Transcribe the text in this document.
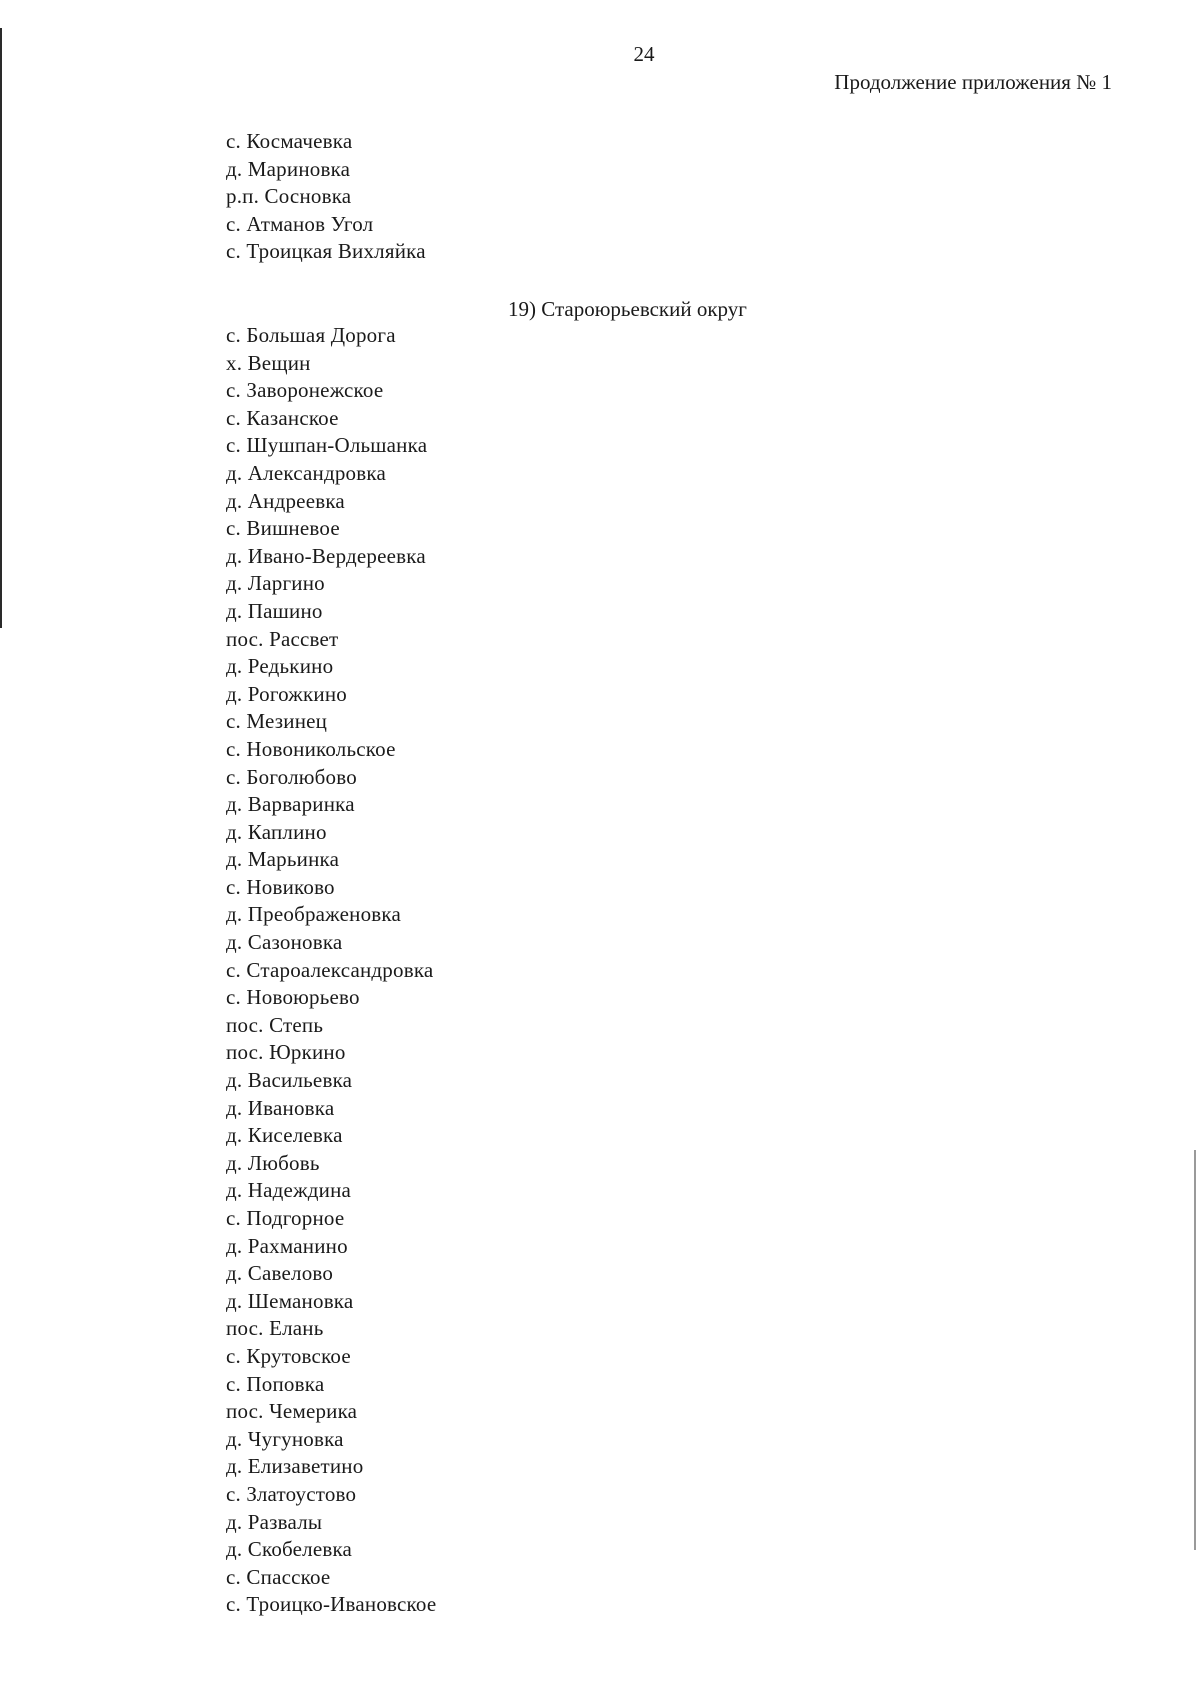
24
Продолжение приложения № 1
с. Космачевка
д. Мариновка
р.п. Сосновка
с. Атманов Угол
с. Троицкая Вихляйка
19) Староюрьевский округ
с. Большая Дорога
х. Вещин
с. Заворонежское
с. Казанское
с. Шушпан-Ольшанка
д. Александровка
д. Андреевка
с. Вишневое
д. Ивано-Вердереевка
д. Ларгино
д. Пашино
пос. Рассвет
д. Редькино
д. Рогожкино
с. Мезинец
с. Новоникольское
с. Боголюбово
д. Варваринка
д. Каплино
д. Марьинка
с. Новиково
д. Преображеновка
д. Сазоновка
с. Староалександровка
с. Новоюрьево
пос. Степь
пос. Юркино
д. Васильевка
д. Ивановка
д. Киселевка
д. Любовь
д. Надеждина
с. Подгорное
д. Рахманино
д. Савелово
д. Шемановка
пос. Елань
с. Крутовское
с. Поповка
пос. Чемерика
д. Чугуновка
д. Елизаветино
с. Златоустово
д. Развалы
д. Скобелевка
с. Спасское
с. Троицко-Ивановское
